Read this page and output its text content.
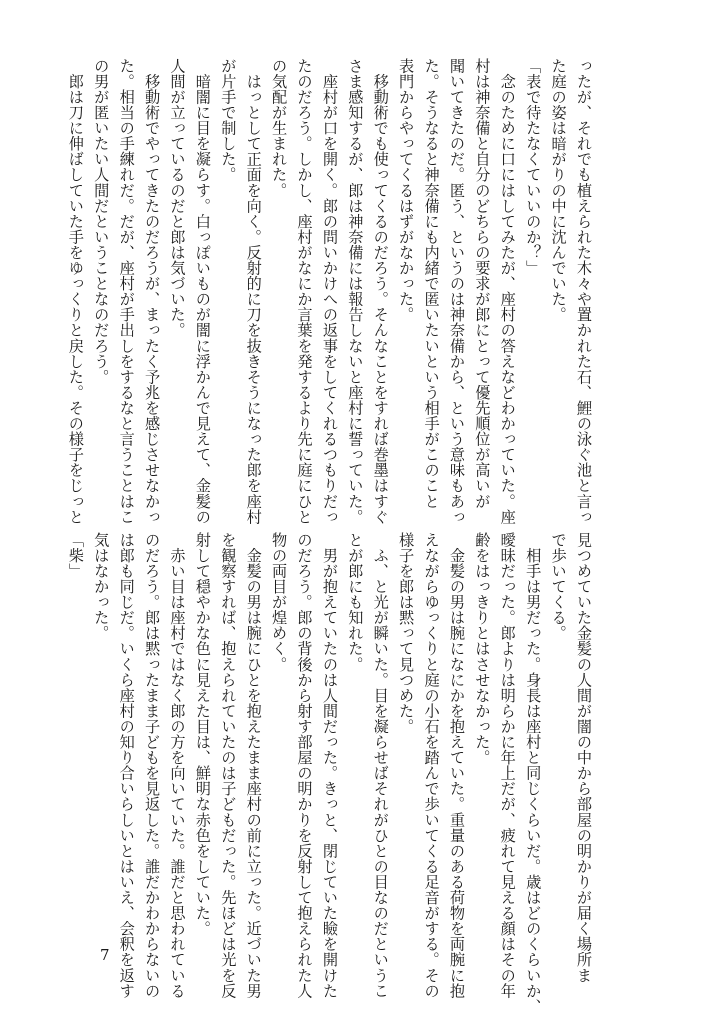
ったが、それでも植えられた木々や置かれた石、鯉の泳ぐ池と言っ
た庭の姿は暗がりの中に沈んでいた。
「表で待たなくていいのか？」
　念のために口にはしてみたが、座村の答えなどわかっていた。座
村は神奈備と自分のどちらの要求が郎にとって優先順位が高いが
聞いてきたのだ。匿う、というのは神奈備から、という意味もあっ
た。そうなると神奈備にも内緒で匿いたいという相手がこのこと
表門からやってくるはずがなかった。
　移動術でも使ってくるのだろう。そんなことをすれば巻墨はすぐ
さま感知するが、郎は神奈備には報告しないと座村に誓っていた。
　座村が口を開く。郎の問いかけへの返事をしてくれるつもりだっ
たのだろう。しかし、座村がなにか言葉を発するより先に庭にひと
の気配が生まれた。
　はっとして正面を向く。反射的に刀を抜きそうになった郎を座村
が片手で制した。
　暗闇に目を凝らす。白っぽいものが闇に浮かんで見えて、金髪の
人間が立っているのだと郎は気づいた。
　移動術でやってきたのだろうが、まったく予兆を感じさせなかっ
た。相当の手練れだ。だが、座村が手出しをするなと言うことはこ
の男が匿いたい人間だということなのだろう。
　郎は刀に伸ばしていた手をゆっくりと戻した。その様子をじっと
見つめていた金髪の人間が闇の中から部屋の明かりが届く場所ま
で歩いてくる。
　相手は男だった。身長は座村と同じくらいだ。歳はどのくらいか、
曖昧だった。郎よりは明らかに年上だが、疲れて見える顔はその年
齢をはっきりとはさせなかった。
　金髪の男は腕になにかを抱えていた。重量のある荷物を両腕に抱
えながらゆっくりと庭の小石を踏んで歩いてくる足音がする。その
様子を郎は黙って見つめた。
　ふ、と光が瞬いた。目を凝らせばそれがひとの目なのだというこ
とが郎にも知れた。
　男が抱えていたのは人間だった。きっと、閉じていた瞼を開けた
のだろう。郎の背後から射す部屋の明かりを反射して抱えられた人
物の両目が煌めく。
　金髪の男は腕にひとを抱えたまま座村の前に立った。近づいた男
を観察すれば、抱えられていたのは子どもだった。先ほどは光を反
射して穏やかな色に見えた目は、鮮明な赤色をしていた。
　赤い目は座村ではなく郎の方を向いていた。誰だと思われている
のだろう。郎は黙ったまま子どもを見返した。誰だかわからないの
は郎も同じだ。いくら座村の知り合いらしいとはいえ、会釈を返す
気はなかった。
「柴」
7
